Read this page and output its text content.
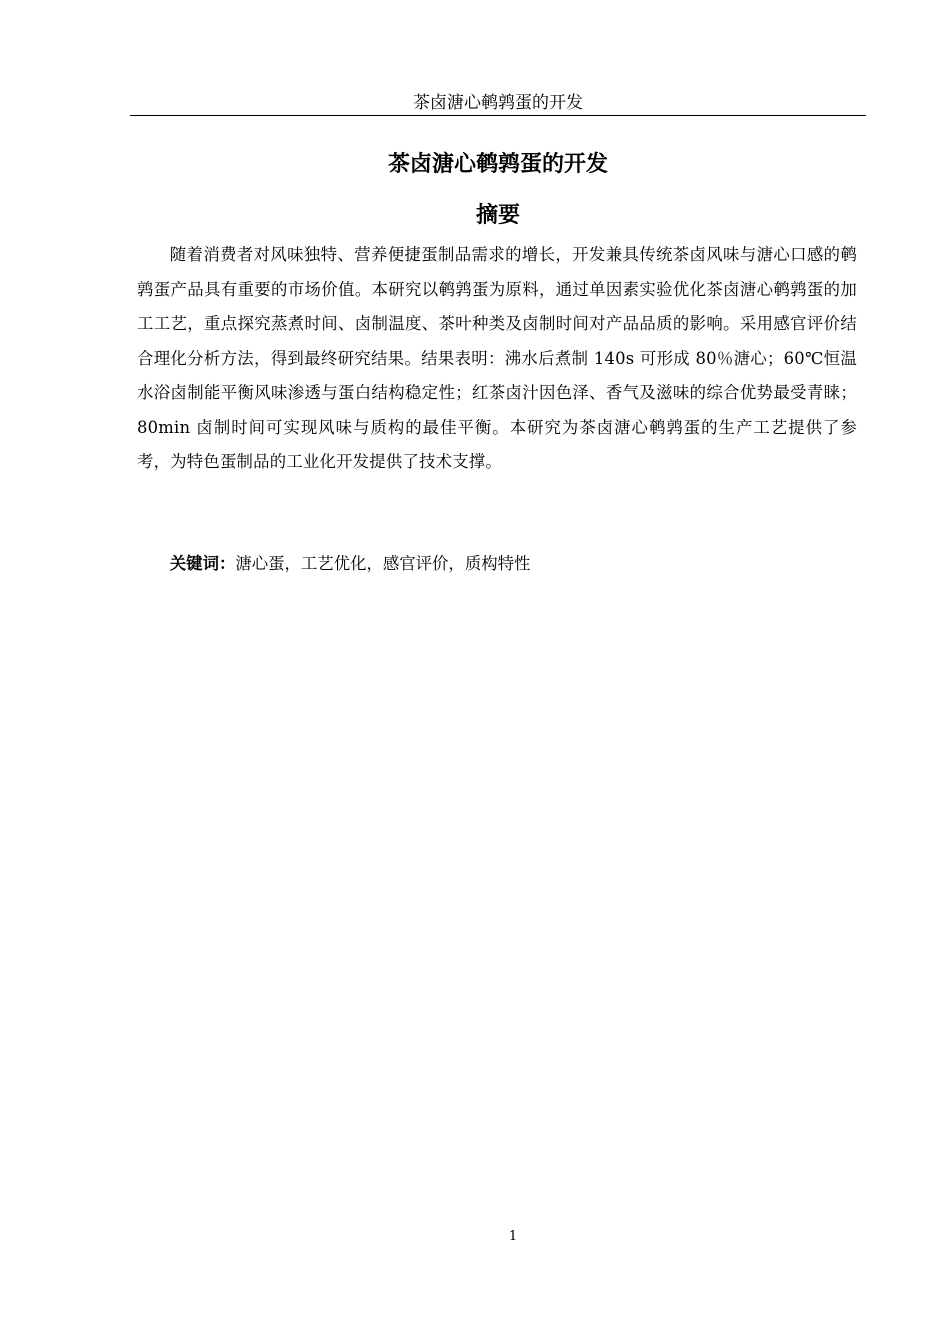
茶卤溏心鹌鹑蛋的开发
茶卤溏心鹌鹑蛋的开发
摘要

随着消费者对风味独特、营养便捷蛋制品需求的增长，开发兼具传统茶卤风味与溏心口感的鹌鹑蛋产品具有重要的市场价值。本研究以鹌鹑蛋为原料，通过单因素实验优化茶卤溏心鹌鹑蛋的加工工艺，重点探究蒸煮时间、卤制温度、茶叶种类及卤制时间对产品品质的影响。采用感官评价结合理化分析方法，得到最终研究结果。结果表明：沸水后煮制 140s 可形成 80％溏心；60℃恒温水浴卤制能平衡风味渗透与蛋白结构稳定性；红茶卤汁因色泽、香气及滋味的综合优势最受青睐；80min 卤制时间可实现风味与质构的最佳平衡。本研究为茶卤溏心鹌鹑蛋的生产工艺提供了参考，为特色蛋制品的工业化开发提供了技术支撑。

关键词：溏心蛋，工艺优化，感官评价，质构特性

1
